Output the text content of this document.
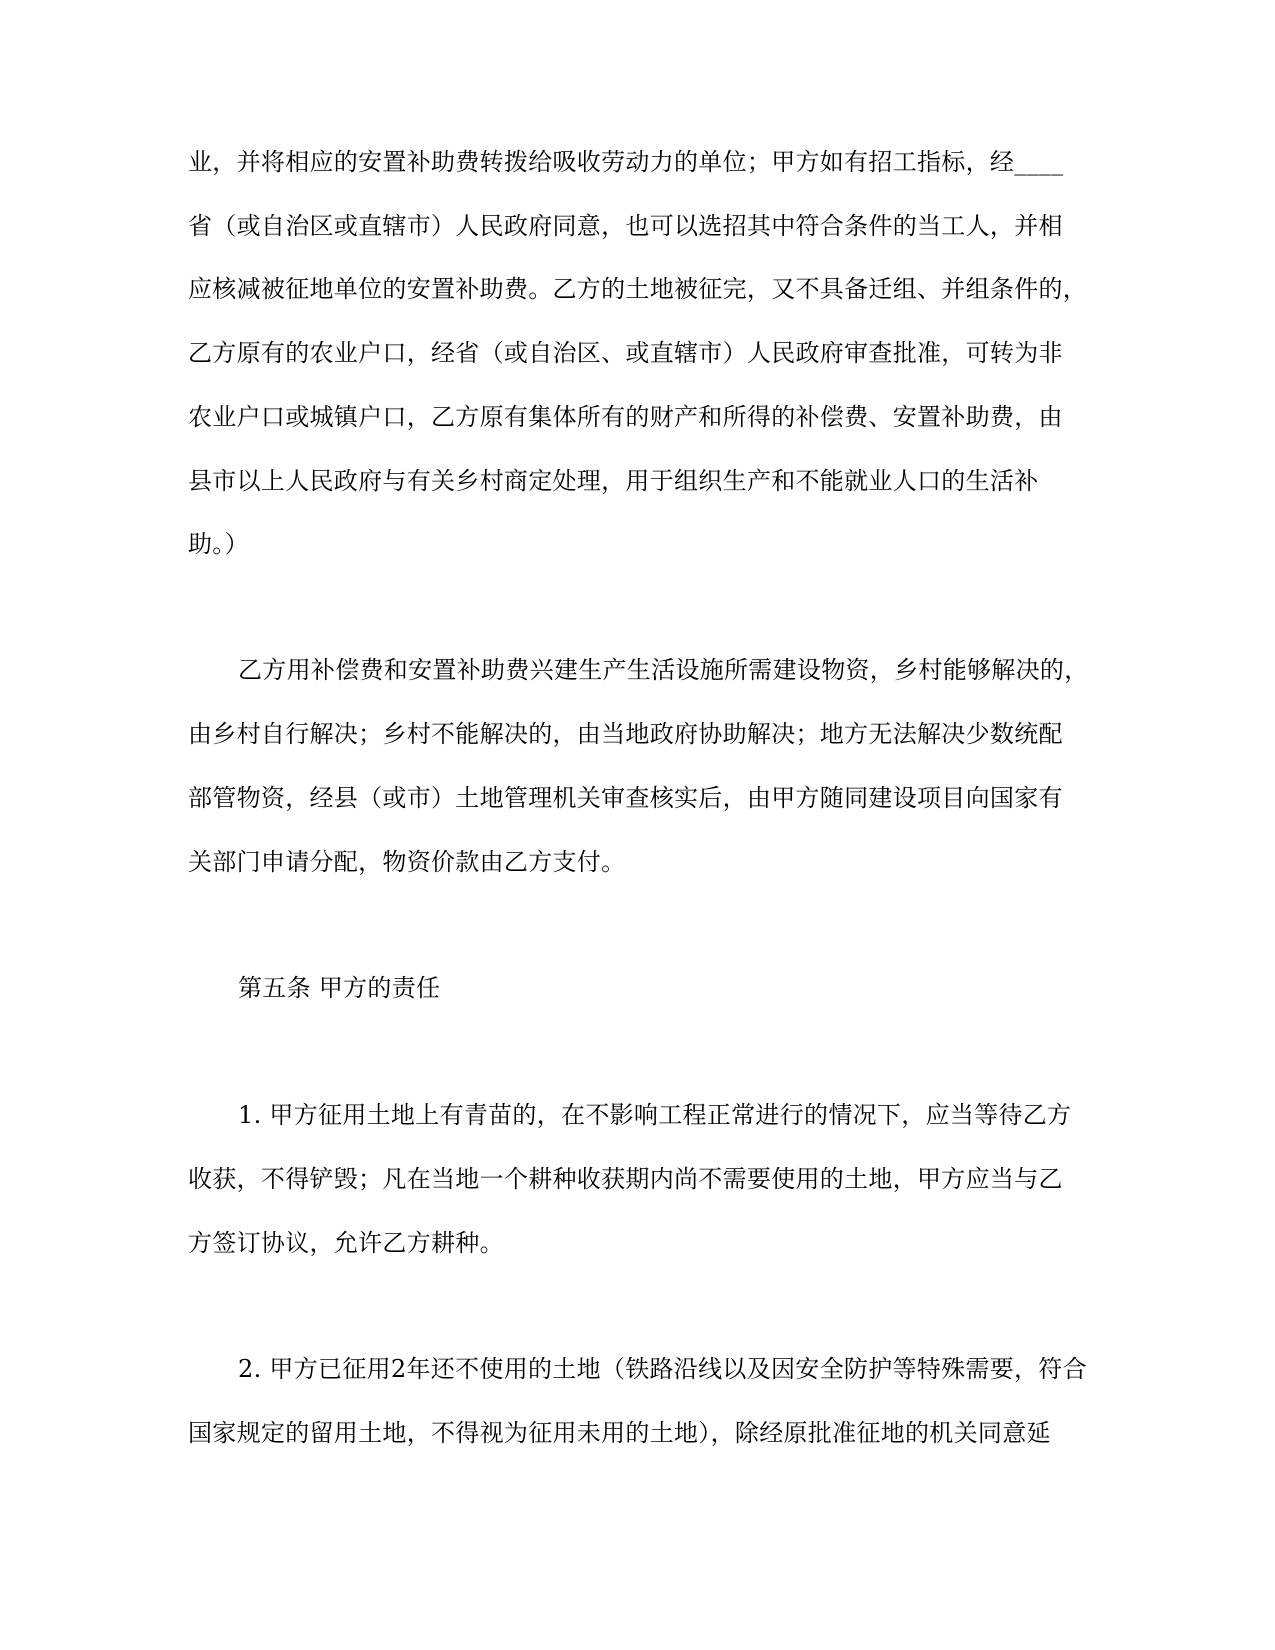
业，并将相应的安置补助费转拨给吸收劳动力的单位；甲方如有招工指标，经____
省（或自治区或直辖市）人民政府同意，也可以选招其中符合条件的当工人，并相
应核减被征地单位的安置补助费。乙方的土地被征完，又不具备迁组、并组条件的，
乙方原有的农业户口，经省（或自治区、或直辖市）人民政府审查批准，可转为非
农业户口或城镇户口，乙方原有集体所有的财产和所得的补偿费、安置补助费，由
县市以上人民政府与有关乡村商定处理，用于组织生产和不能就业人口的生活补
助。）
乙方用补偿费和安置补助费兴建生产生活设施所需建设物资，乡村能够解决的，
由乡村自行解决；乡村不能解决的，由当地政府协助解决；地方无法解决少数统配
部管物资，经县（或市）土地管理机关审查核实后，由甲方随同建设项目向国家有
关部门申请分配，物资价款由乙方支付。
第五条 甲方的责任
1. 甲方征用土地上有青苗的，在不影响工程正常进行的情况下，应当等待乙方
收获，不得铲毁；凡在当地一个耕种收获期内尚不需要使用的土地，甲方应当与乙
方签订协议，允许乙方耕种。
2. 甲方已征用2年还不使用的土地（铁路沿线以及因安全防护等特殊需要，符合
国家规定的留用土地，不得视为征用未用的土地），除经原批准征地的机关同意延
